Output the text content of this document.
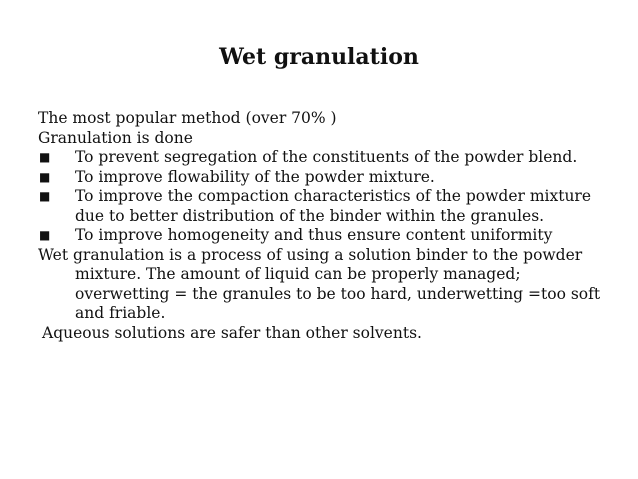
Wet granulation
The most popular method (over 70% )
Granulation is done
■	To prevent segregation of the constituents of the powder blend.
■	To improve flowability of the powder mixture.
■	To improve the compaction characteristics of the powder mixture due to better distribution of the binder within the granules.
■	To improve homogeneity and thus ensure content uniformity
Wet granulation is a process of using a solution binder to the powder mixture. The amount of liquid can be properly managed; overwetting = the granules to be too hard, underwetting =too soft and friable.
Aqueous solutions are safer than other solvents.
